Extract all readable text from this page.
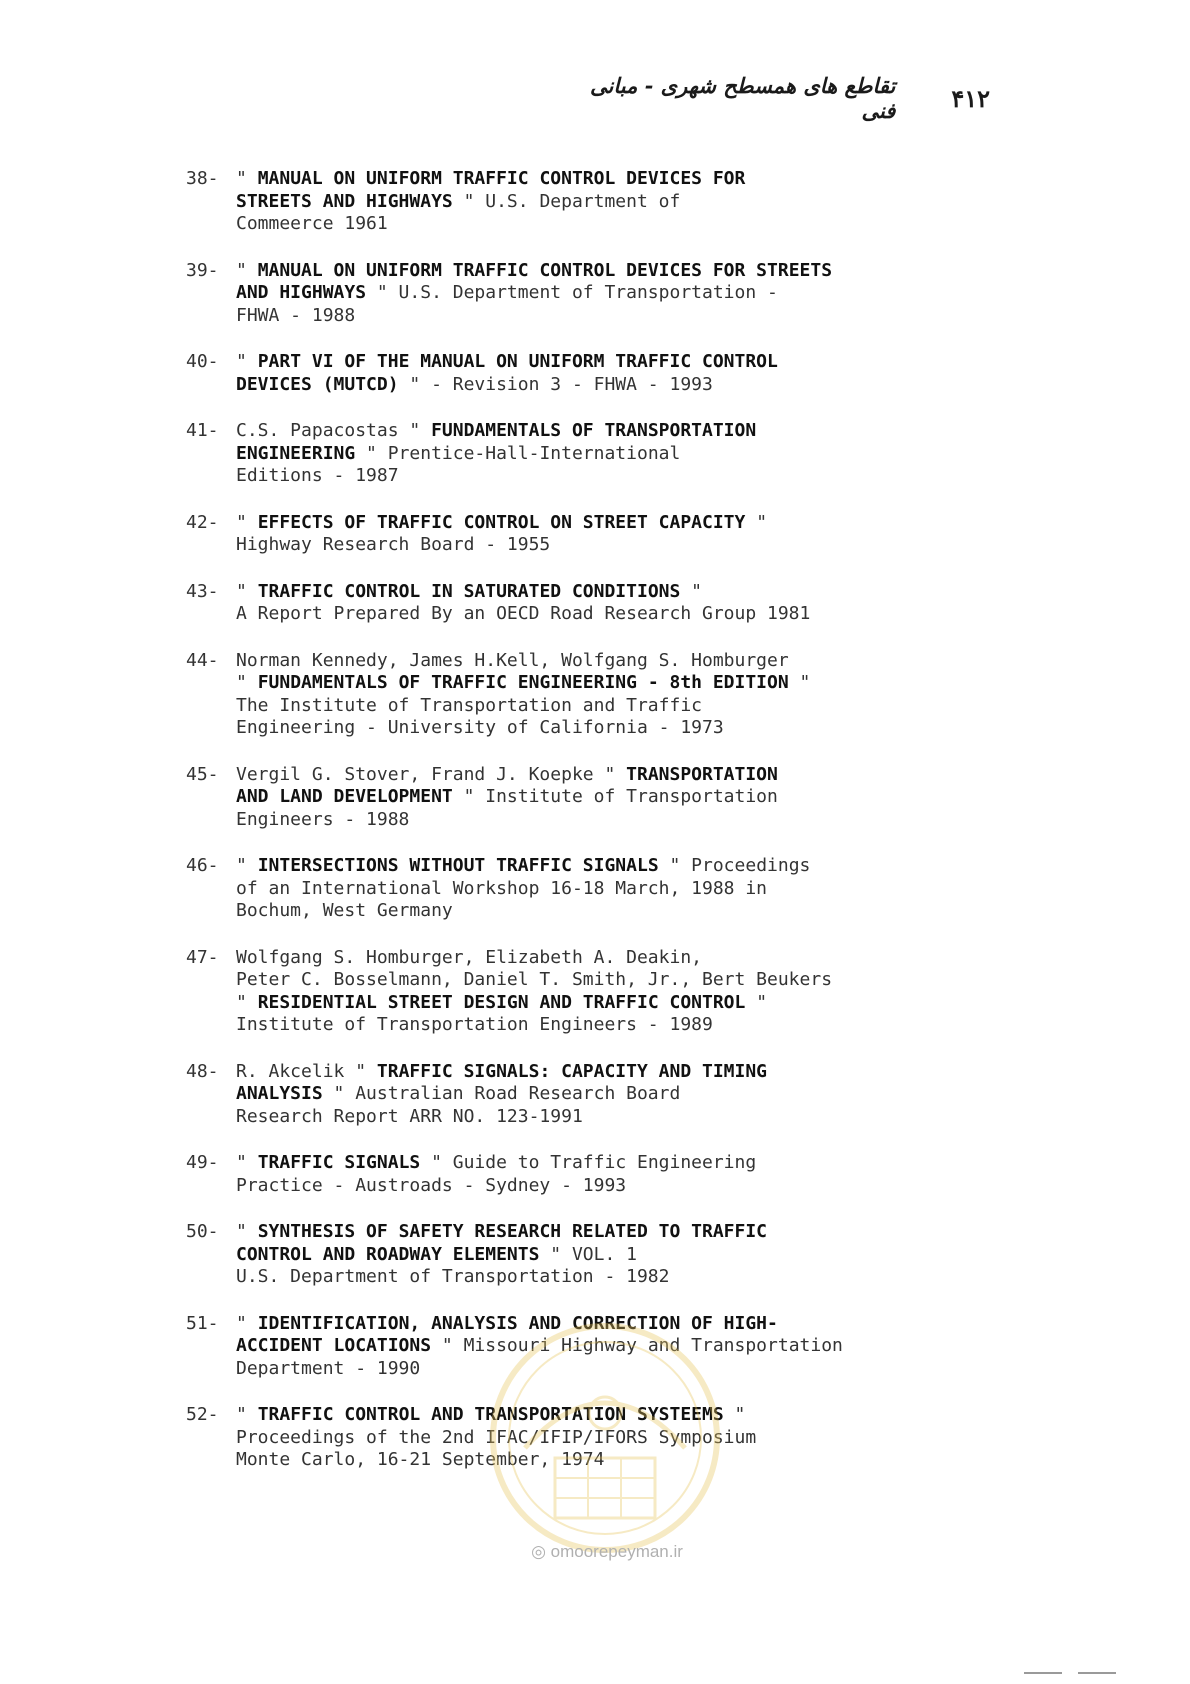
۴۱۲
تقاطع های همسطح شهری - مبانی فنی
38- " MANUAL ON UNIFORM TRAFFIC CONTROL DEVICES FOR
STREETS AND HIGHWAYS " U.S. Department of
Commeerce 1961
39- " MANUAL ON UNIFORM TRAFFIC CONTROL DEVICES FOR STREETS
AND HIGHWAYS " U.S. Department of Transportation -
FHWA - 1988
40- " PART VI OF THE MANUAL ON UNIFORM TRAFFIC CONTROL
DEVICES (MUTCD) " - Revision 3 - FHWA - 1993
41- C.S. Papacostas " FUNDAMENTALS OF TRANSPORTATION
ENGINEERING " Prentice-Hall-International
Editions - 1987
42- " EFFECTS OF TRAFFIC CONTROL ON STREET CAPACITY "
Highway Research Board - 1955
43- " TRAFFIC CONTROL IN SATURATED CONDITIONS "
A Report Prepared By an OECD Road Research Group 1981
44- Norman Kennedy, James H.Kell, Wolfgang S. Homburger
" FUNDAMENTALS OF TRAFFIC ENGINEERING - 8th EDITION "
The Institute of Transportation and Traffic
Engineering - University of California - 1973
45- Vergil G. Stover, Frand J. Koepke " TRANSPORTATION
AND LAND DEVELOPMENT " Institute of Transportation
Engineers - 1988
46- " INTERSECTIONS WITHOUT TRAFFIC SIGNALS " Proceedings
of an International Workshop 16-18 March, 1988 in
Bochum, West Germany
47- Wolfgang S. Homburger, Elizabeth A. Deakin,
Peter C. Bosselmann, Daniel T. Smith, Jr., Bert Beukers
" RESIDENTIAL STREET DESIGN AND TRAFFIC CONTROL "
Institute of Transportation Engineers - 1989
48- R. Akcelik " TRAFFIC SIGNALS: CAPACITY AND TIMING
ANALYSIS " Australian Road Research Board
Research Report ARR NO. 123-1991
49- " TRAFFIC SIGNALS " Guide to Traffic Engineering
Practice - Austroads - Sydney - 1993
50- " SYNTHESIS OF SAFETY RESEARCH RELATED TO TRAFFIC
CONTROL AND ROADWAY ELEMENTS " VOL. 1
U.S. Department of Transportation - 1982
51- " IDENTIFICATION, ANALYSIS AND CORRECTION OF HIGH-
ACCIDENT LOCATIONS " Missouri Highway and Transportation
Department - 1990
52- " TRAFFIC CONTROL AND TRANSPORTATION SYSTEEMS "
Proceedings of the 2nd IFAC/IFIP/IFORS Symposium
Monte Carlo, 16-21 September, 1974
◎ omoorepeyman.ir
